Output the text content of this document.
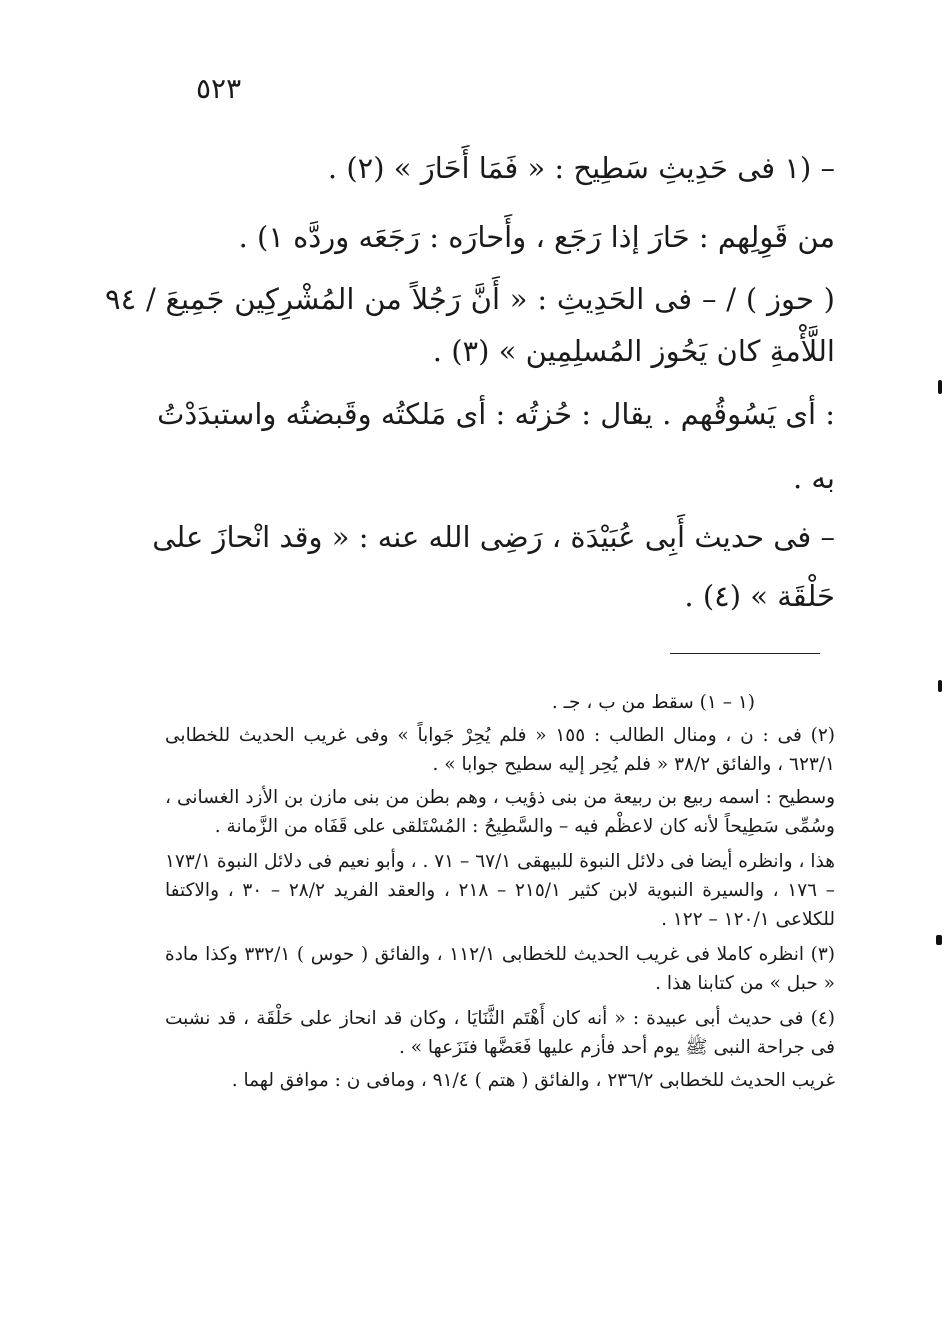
٥٢٣
– (١ فى حَدِيثِ سَطِيح : « فَمَا أَحَارَ » (٢) .
من قَوِلِهم : حَارَ إذا رَجَع ، وأَحارَه : رَجَعَه وردَّه ١) .
( حوز ) / – فى الحَدِيثِ : « أَنَّ رَجُلاً من المُشْرِكِين جَمِيعَ / ٩٤
اللَّأْمةِ كان يَحُوز المُسلِمِين » (٣) .
: أى يَسُوقُهم . يقال : حُزتُه : أى مَلكتُه وقَبضتُه واستبدَدْتُ
به .
– فى حديث أَبِى عُبَيْدَة ، رَضِى الله عنه : « وقد انْحازَ على
حَلْقَة » (٤) .

(١ – ١) سقط من ب ، جـ .

(٢) فى : ن ، ومنال الطالب : ١٥٥ « فلم يُحِرْ جَواباً » وفى غريب الحديث للخطابى ٦٢٣/١ ، والفائق ٣٨/٢ « فلم يُحِر إليه سطيح جوابا » .

وسطيح : اسمه ربيع بن ربيعة من بنى ذؤيب ، وهم بطن من بنى مازن بن الأزد الغسانى ، وسُمِّى سَطِيحاً لأنه كان لاعظْم فيه – والسَّطِيحُ : المُسْتَلقى على قَفَاه من الزَّمانة .

هذا ، وانظره أيضا فى دلائل النبوة للبيهقى ٦٧/١ – ٧١ . ، وأبو نعيم فى دلائل النبوة ١٧٣/١ – ١٧٦ ، والسيرة النبوية لابن كثير ٢١٥/١ – ٢١٨ ، والعقد الفريد ٢٨/٢ – ٣٠ ، والاكتفا للكلاعى ١٢٠/١ – ١٢٢ .

(٣) انظره كاملا فى غريب الحديث للخطابى ١١٢/١ ، والفائق ( حوس ) ٣٣٢/١ وكذا مادة « حبل » من كتابنا هذا .

(٤) فى حديث أبى عبيدة : « أنه كان أَهْتَم الثَّنَايَا ، وكان قد انحاز على حَلْقَة ، قد نشبت فى جراحة النبى ﷺ يوم أحد فأزم عليها فَعَضَّها فنَزَعها » .

غريب الحديث للخطابى ٢٣٦/٢ ، والفائق ( هتم ) ٩١/٤ ، ومافى ن : موافق لهما .
